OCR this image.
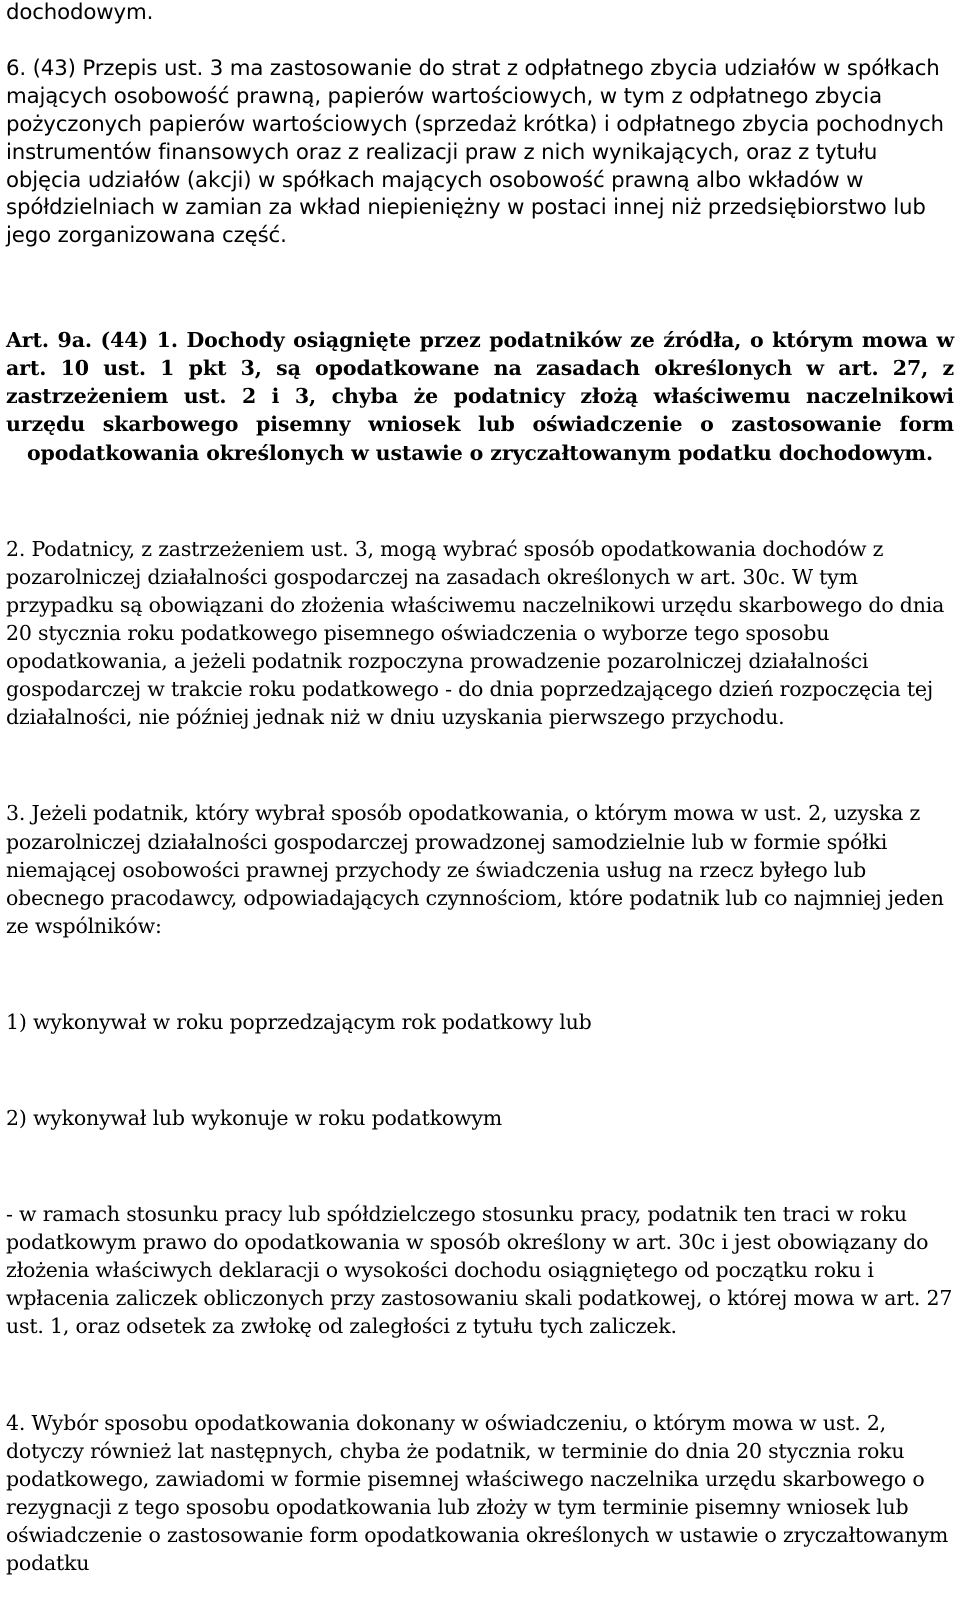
dochodowym.

6. (43) Przepis ust. 3 ma zastosowanie do strat z odpłatnego zbycia udziałów w spółkach mających osobowość prawną, papierów wartościowych, w tym z odpłatnego zbycia pożyczonych papierów wartościowych (sprzedaż krótka) i odpłatnego zbycia pochodnych instrumentów finansowych oraz z realizacji praw z nich wynikających, oraz z tytułu objęcia udziałów (akcji) w spółkach mających osobowość prawną albo wkładów w spółdzielniach w zamian za wkład niepieniężny w postaci innej niż przedsiębiorstwo lub jego zorganizowana część.

Art. 9a. (44) 1. Dochody osiągnięte przez podatników ze źródła, o którym mowa w art. 10 ust. 1 pkt 3, są opodatkowane na zasadach określonych w art. 27, z zastrzeżeniem ust. 2 i 3, chyba że podatnicy złożą właściwemu naczelnikowi urzędu skarbowego pisemny wniosek lub oświadczenie o zastosowanie form opodatkowania określonych w ustawie o zryczałtowanym podatku dochodowym.

2. Podatnicy, z zastrzeżeniem ust. 3, mogą wybrać sposób opodatkowania dochodów z pozarolniczej działalności gospodarczej na zasadach określonych w art. 30c. W tym przypadku są obowiązani do złożenia właściwemu naczelnikowi urzędu skarbowego do dnia 20 stycznia roku podatkowego pisemnego oświadczenia o wyborze tego sposobu opodatkowania, a jeżeli podatnik rozpoczyna prowadzenie pozarolniczej działalności gospodarczej w trakcie roku podatkowego - do dnia poprzedzającego dzień rozpoczęcia tej działalności, nie później jednak niż w dniu uzyskania pierwszego przychodu.

3. Jeżeli podatnik, który wybrał sposób opodatkowania, o którym mowa w ust. 2, uzyska z pozarolniczej działalności gospodarczej prowadzonej samodzielnie lub w formie spółki niemającej osobowości prawnej przychody ze świadczenia usług na rzecz byłego lub obecnego pracodawcy, odpowiadających czynnościom, które podatnik lub co najmniej jeden ze wspólników:

1) wykonywał w roku poprzedzającym rok podatkowy lub

2) wykonywał lub wykonuje w roku podatkowym

- w ramach stosunku pracy lub spółdzielczego stosunku pracy, podatnik ten traci w roku podatkowym prawo do opodatkowania w sposób określony w art. 30c i jest obowiązany do złożenia właściwych deklaracji o wysokości dochodu osiągniętego od początku roku i wpłacenia zaliczek obliczonych przy zastosowaniu skali podatkowej, o której mowa w art. 27 ust. 1, oraz odsetek za zwłokę od zaległości z tytułu tych zaliczek.

4. Wybór sposobu opodatkowania dokonany w oświadczeniu, o którym mowa w ust. 2, dotyczy również lat następnych, chyba że podatnik, w terminie do dnia 20 stycznia roku podatkowego, zawiadomi w formie pisemnej właściwego naczelnika urzędu skarbowego o rezygnacji z tego sposobu opodatkowania lub złoży w tym terminie pisemny wniosek lub oświadczenie o zastosowanie form opodatkowania określonych w ustawie o zryczałtowanym podatku
